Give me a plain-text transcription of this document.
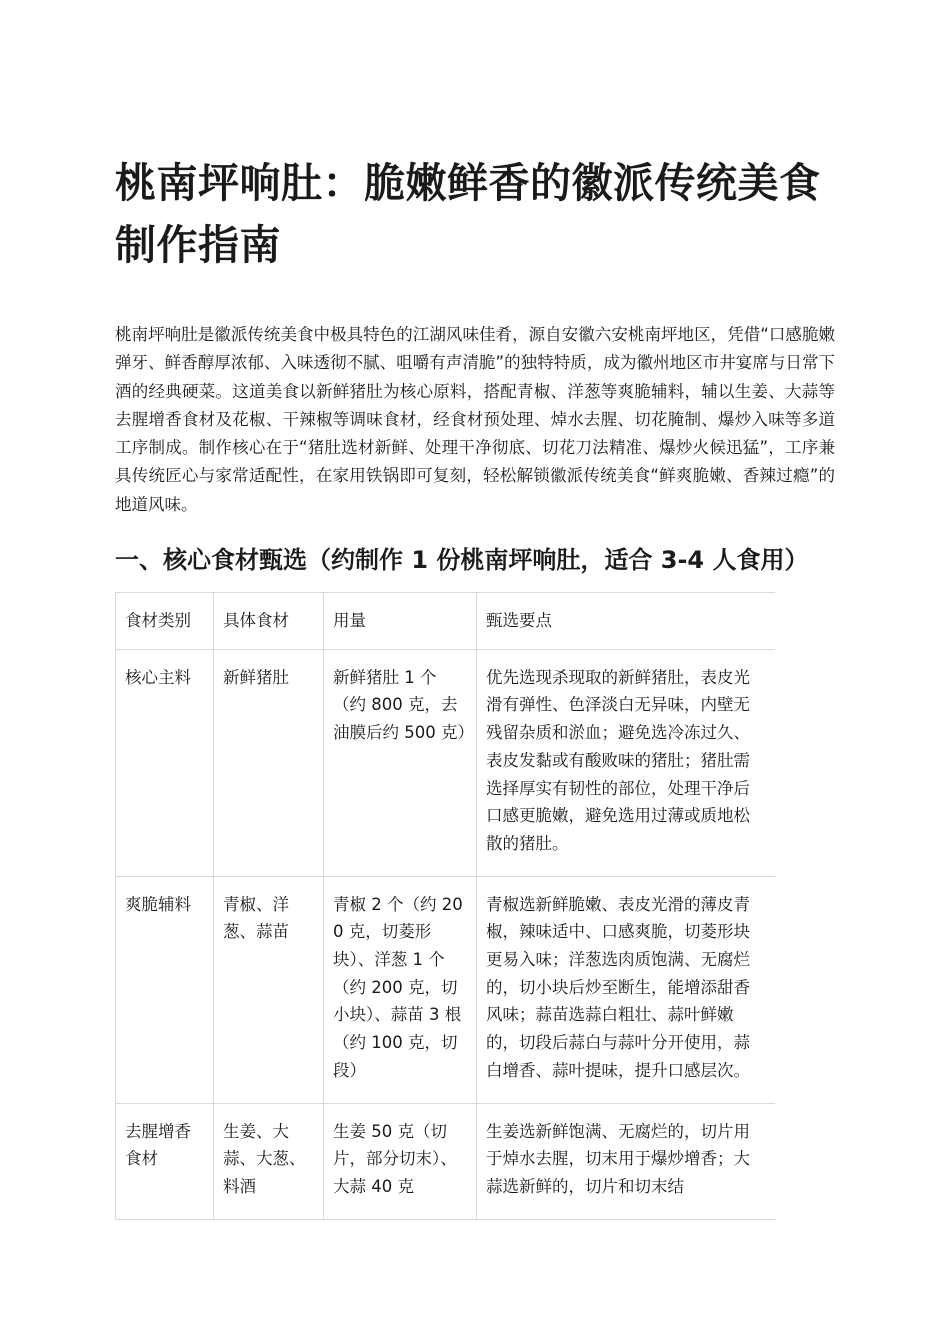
桃南坪响肚：脆嫩鲜香的徽派传统美食制作指南

桃南坪响肚是徽派传统美食中极具特色的江湖风味佳肴，源自安徽六安桃南坪地区，凭借“口感脆嫩弹牙、鲜香醇厚浓郁、入味透彻不腻、咀嚼有声清脆”的独特特质，成为徽州地区市井宴席与日常下酒的经典硬菜。这道美食以新鲜猪肚为核心原料，搭配青椒、洋葱等爽脆辅料，辅以生姜、大蒜等去腥增香食材及花椒、干辣椒等调味食材，经食材预处理、焯水去腥、切花腌制、爆炒入味等多道工序制成。制作核心在于“猪肚选材新鲜、处理干净彻底、切花刀法精准、爆炒火候迅猛”，工序兼具传统匠心与家常适配性，在家用铁锅即可复刻，轻松解锁徽派传统美食“鲜爽脆嫩、香辣过瘾”的地道风味。

一、核心食材甄选（约制作 1 份桃南坪响肚，适合 3-4 人食用）
食材类别	具体食材	用量	甄选要点
核心主料	新鲜猪肚	新鲜猪肚 1 个（约 800 克，去油膜后约 500 克）	优先选现杀现取的新鲜猪肚，表皮光滑有弹性、色泽淡白无异味，内壁无残留杂质和淤血；避免选冷冻过久、表皮发黏或有酸败味的猪肚；猪肚需选择厚实有韧性的部位，处理干净后口感更脆嫩，避免选用过薄或质地松散的猪肚。
爽脆辅料	青椒、洋葱、蒜苗	青椒 2 个（约 200 克，切菱形块）、洋葱 1 个（约 200 克，切小块）、蒜苗 3 根（约 100 克，切段）	青椒选新鲜脆嫩、表皮光滑的薄皮青椒，辣味适中、口感爽脆，切菱形块更易入味；洋葱选肉质饱满、无腐烂的，切小块后炒至断生，能增添甜香风味；蒜苗选蒜白粗壮、蒜叶鲜嫩的，切段后蒜白与蒜叶分开使用，蒜白增香、蒜叶提味，提升口感层次。
去腥增香食材	生姜、大蒜、大葱、料酒	生姜 50 克（切片，部分切末）、大蒜 40 克	生姜选新鲜饱满、无腐烂的，切片用于焯水去腥，切末用于爆炒增香；大蒜选新鲜的，切片和切末结
